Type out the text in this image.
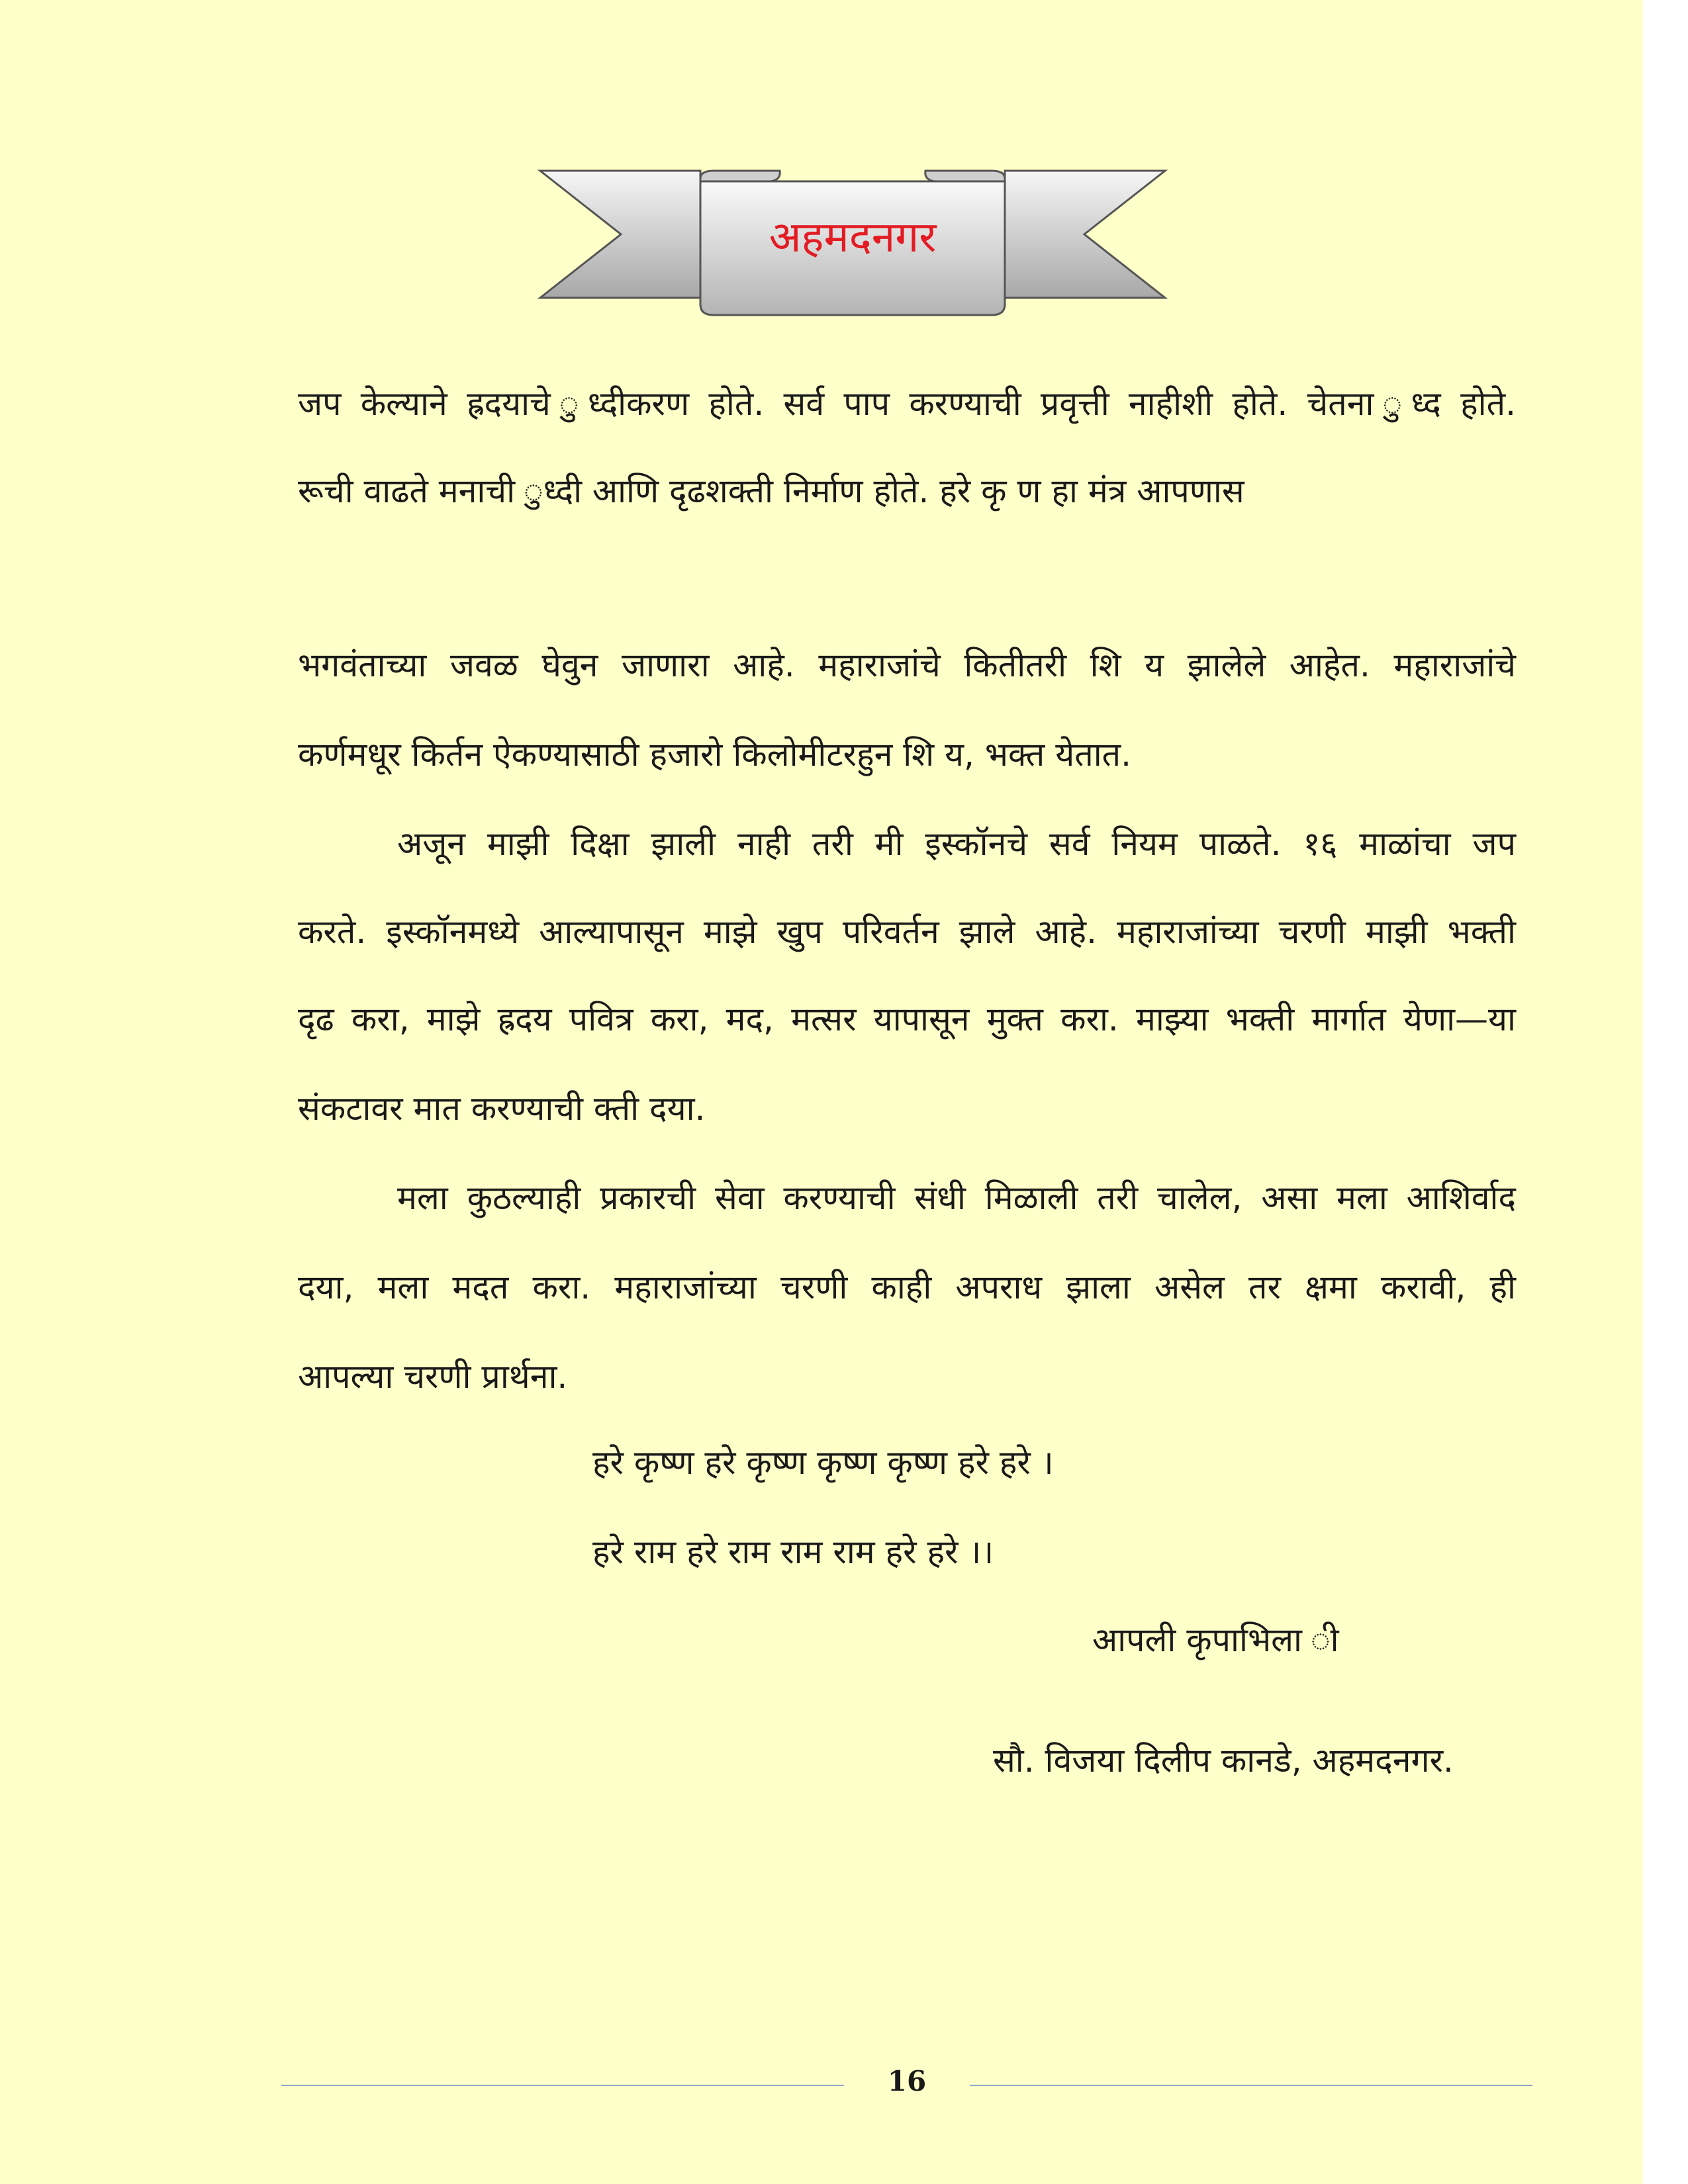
अहमदनगर
जप केल्याने ह्रदयाचे ुध्दीकरण होते. सर्व पाप करण्याची प्रवृत्ती नाहीशी होते. चेतना ुध्द होते.
रूची वाढते मनाची ुध्दी आणि दृढशक्ती निर्माण होते. हरे कृ ण हा मंत्र आपणास
भगवंताच्या जवळ घेवुन जाणारा आहे. महाराजांचे कितीतरी शि य झालेले आहेत. महाराजांचे
कर्णमधूर किर्तन ऐकण्यासाठी हजारो किलोमीटरहुन शि य, भक्त येतात.
अजून माझी दिक्षा झाली नाही तरी मी इस्कॉनचे सर्व नियम पाळते. १६ माळांचा जप
करते. इस्कॉनमध्ये आल्यापासून माझे खुप परिवर्तन झाले आहे. महाराजांच्या चरणी माझी भक्ती
दृढ करा, माझे ह्रदय पवित्र करा, मद, मत्सर यापासून मुक्त करा. माझ्या भक्ती मार्गात येणा—या
संकटावर मात करण्याची क्ती दया.
मला कुठल्याही प्रकारची सेवा करण्याची संधी मिळाली तरी चालेल, असा मला आशिर्वाद
दया, मला मदत करा. महाराजांच्या चरणी काही अपराध झाला असेल तर क्षमा करावी, ही
आपल्या चरणी प्रार्थना.
हरे कृष्ण हरे कृष्ण कृष्ण कृष्ण हरे हरे ।
हरे राम हरे राम राम राम हरे हरे ।।
आपली कृपाभिला ी
सौ. विजया दिलीप कानडे, अहमदनगर.
16
